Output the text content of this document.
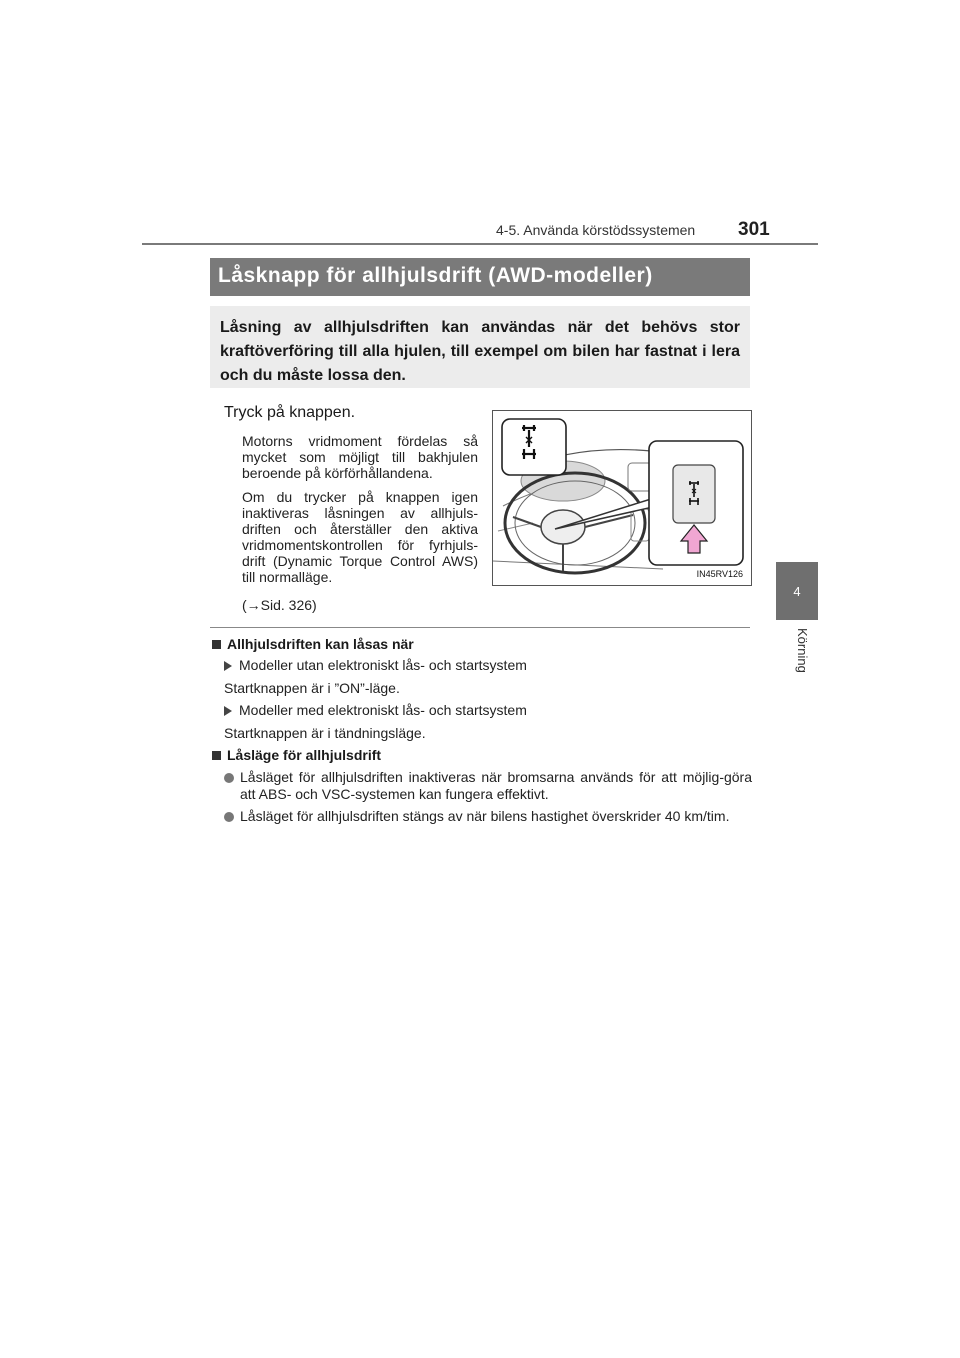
4-5. Använda körstödssystemen 301
4
Körning
Låsknapp för allhjulsdrift (AWD-modeller)
Låsning av allhjulsdriften kan användas när det behövs stor kraftöverföring till alla hjulen, till exempel om bilen har fastnat i lera och du måste lossa den.
Tryck på knappen.
Motorns vridmoment fördelas så mycket som möjligt till bakhjulen beroende på körförhållandena.
Om du trycker på knappen igen inaktiveras låsningen av allhjuls-driften och återställer den aktiva vridmomentskontrollen för fyrhjuls-drift (Dynamic Torque Control AWS) till normalläge.
(→Sid. 326)
IN45RV126
Allhjulsdriften kan låsas när
Modeller utan elektroniskt lås- och startsystem
Startknappen är i ”ON”-läge.
Modeller med elektroniskt lås- och startsystem
Startknappen är i tändningsläge.
Låsläge för allhjulsdrift
Låsläget för allhjulsdriften inaktiveras när bromsarna används för att möjlig-göra att ABS- och VSC-systemen kan fungera effektivt.
Låsläget för allhjulsdriften stängs av när bilens hastighet överskrider 40 km/tim.
